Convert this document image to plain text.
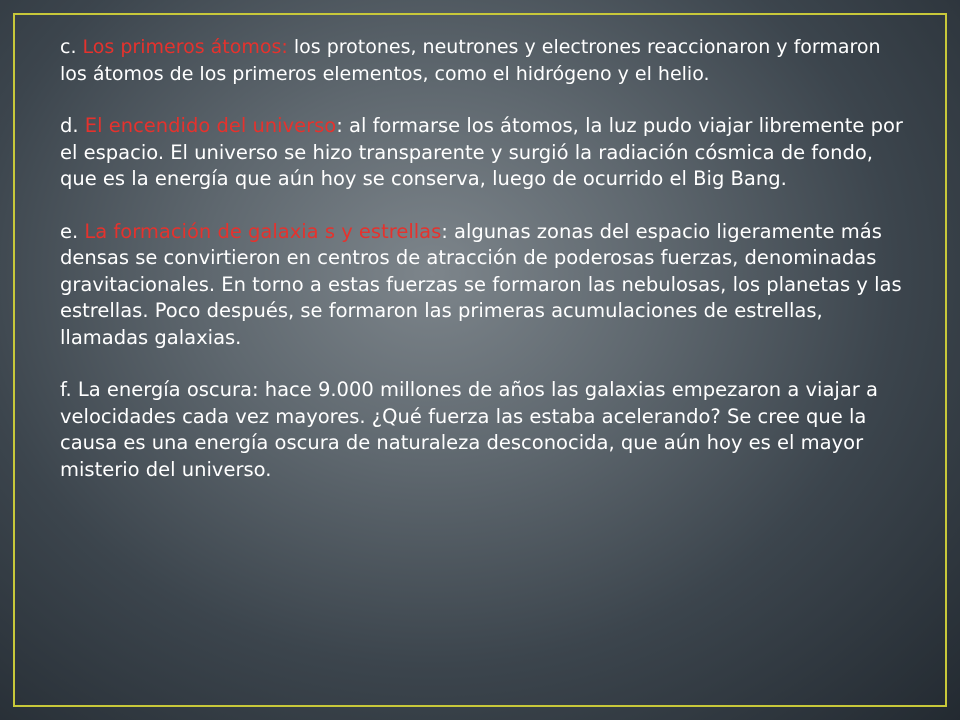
c. Los primeros átomos: los protones, neutrones y electrones reaccionaron y formaron los átomos de los primeros elementos, como el hidrógeno y el helio.

d. El encendido del universo: al formarse los átomos, la luz pudo viajar libremente por el espacio. El universo se hizo transparente y surgió la radiación cósmica de fondo, que es la energía que aún hoy se conserva, luego de ocurrido el Big Bang.

e. La formación de galaxia s y estrellas: algunas zonas del espacio ligeramente más densas se convirtieron en centros de atracción de poderosas fuerzas, denominadas gravitacionales. En torno a estas fuerzas se formaron las nebulosas, los planetas y las estrellas. Poco después, se formaron las primeras acumulaciones de estrellas, llamadas galaxias.

f. La energía oscura: hace 9.000 millones de años las galaxias empezaron a viajar a velocidades cada vez mayores. ¿Qué fuerza las estaba acelerando? Se cree que la causa es una energía oscura de naturaleza desconocida, que aún hoy es el mayor misterio del universo.
